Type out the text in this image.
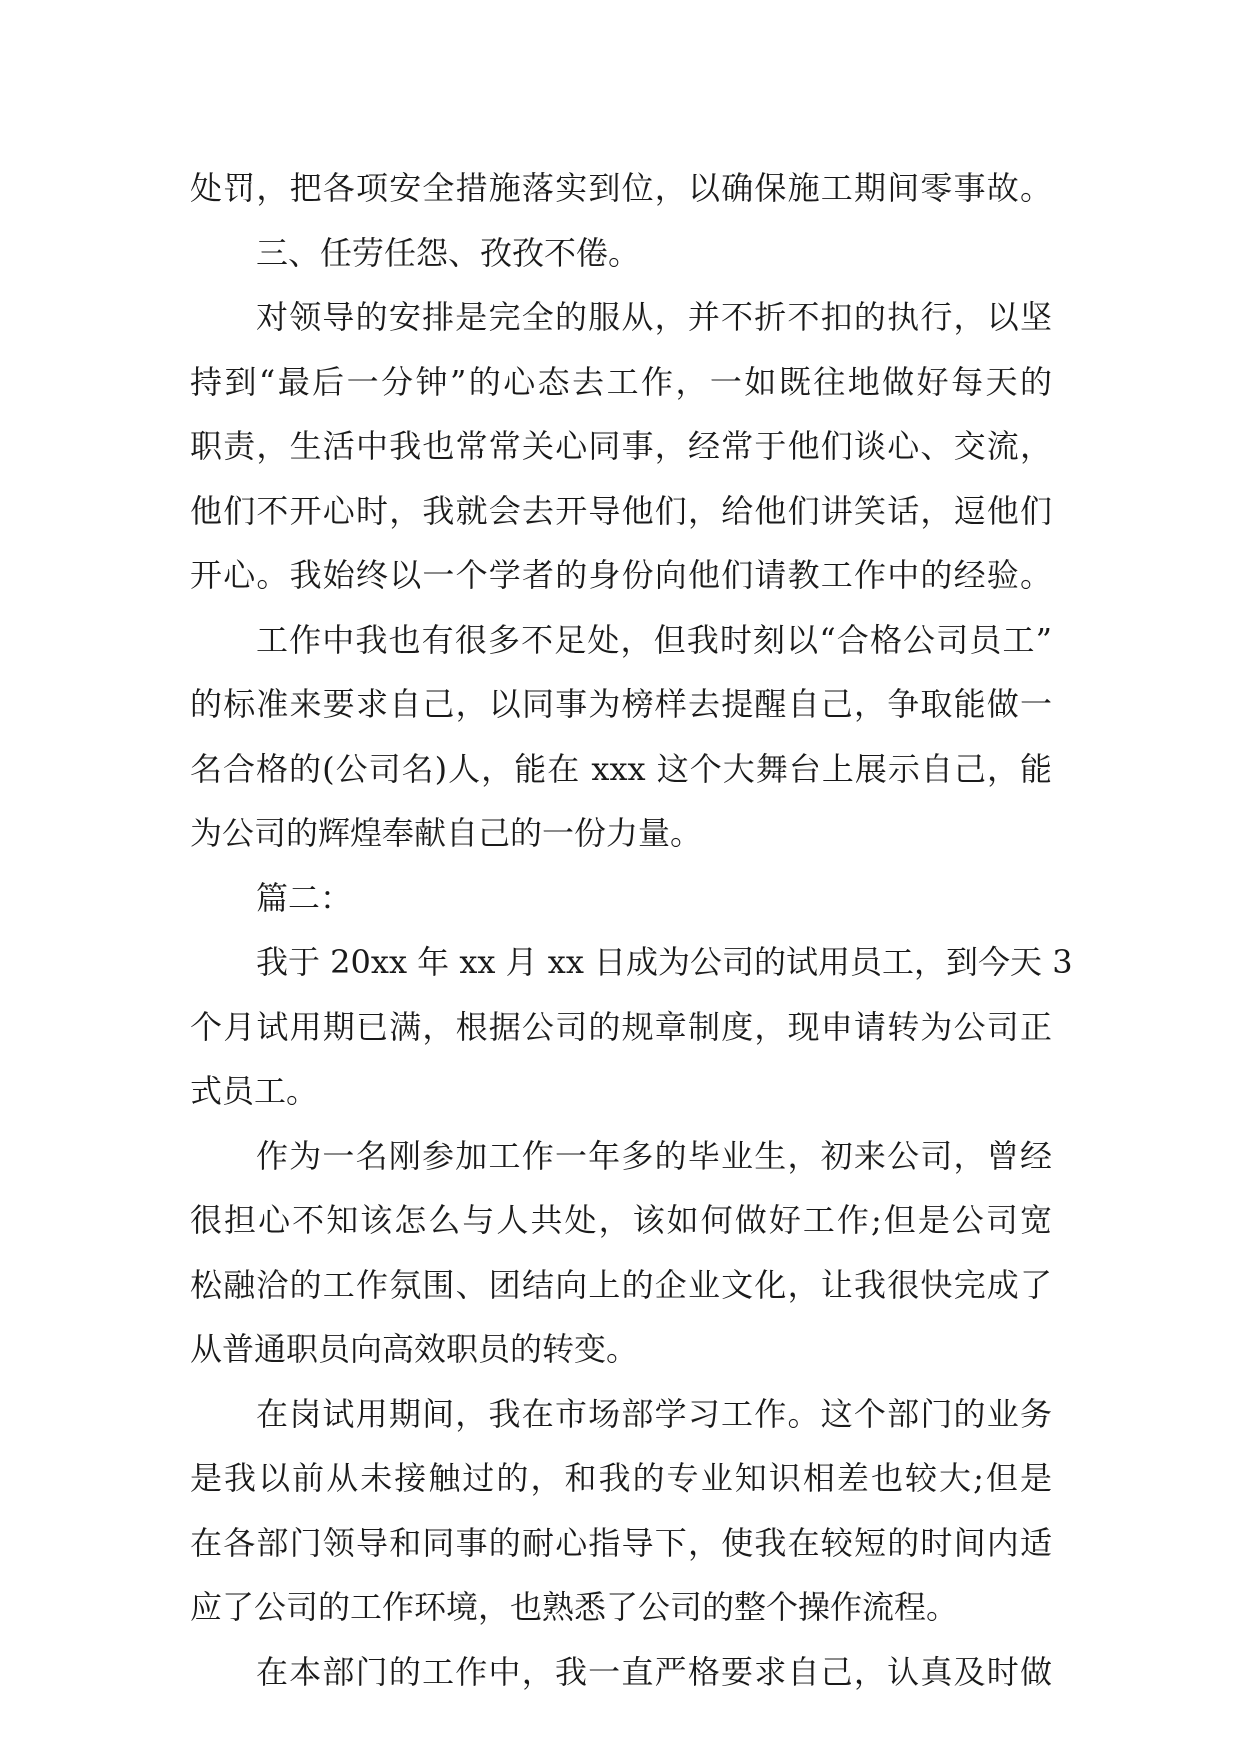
处罚，把各项安全措施落实到位，以确保施工期间零事故。
三、任劳任怨、孜孜不倦。
对领导的安排是完全的服从，并不折不扣的执行，以坚
持到“最后一分钟”的心态去工作，一如既往地做好每天的
职责，生活中我也常常关心同事，经常于他们谈心、交流，
他们不开心时，我就会去开导他们，给他们讲笑话，逗他们
开心。我始终以一个学者的身份向他们请教工作中的经验。
工作中我也有很多不足处，但我时刻以“合格公司员工”
的标准来要求自己，以同事为榜样去提醒自己，争取能做一
名合格的(公司名)人，能在 xxx 这个大舞台上展示自己，能
为公司的辉煌奉献自己的一份力量。
篇二：
我于 20xx 年 xx 月 xx 日成为公司的试用员工，到今天 3
个月试用期已满，根据公司的规章制度，现申请转为公司正
式员工。
作为一名刚参加工作一年多的毕业生，初来公司，曾经
很担心不知该怎么与人共处，该如何做好工作;但是公司宽
松融洽的工作氛围、团结向上的企业文化，让我很快完成了
从普通职员向高效职员的转变。
在岗试用期间，我在市场部学习工作。这个部门的业务
是我以前从未接触过的，和我的专业知识相差也较大;但是
在各部门领导和同事的耐心指导下，使我在较短的时间内适
应了公司的工作环境，也熟悉了公司的整个操作流程。
在本部门的工作中，我一直严格要求自己，认真及时做
